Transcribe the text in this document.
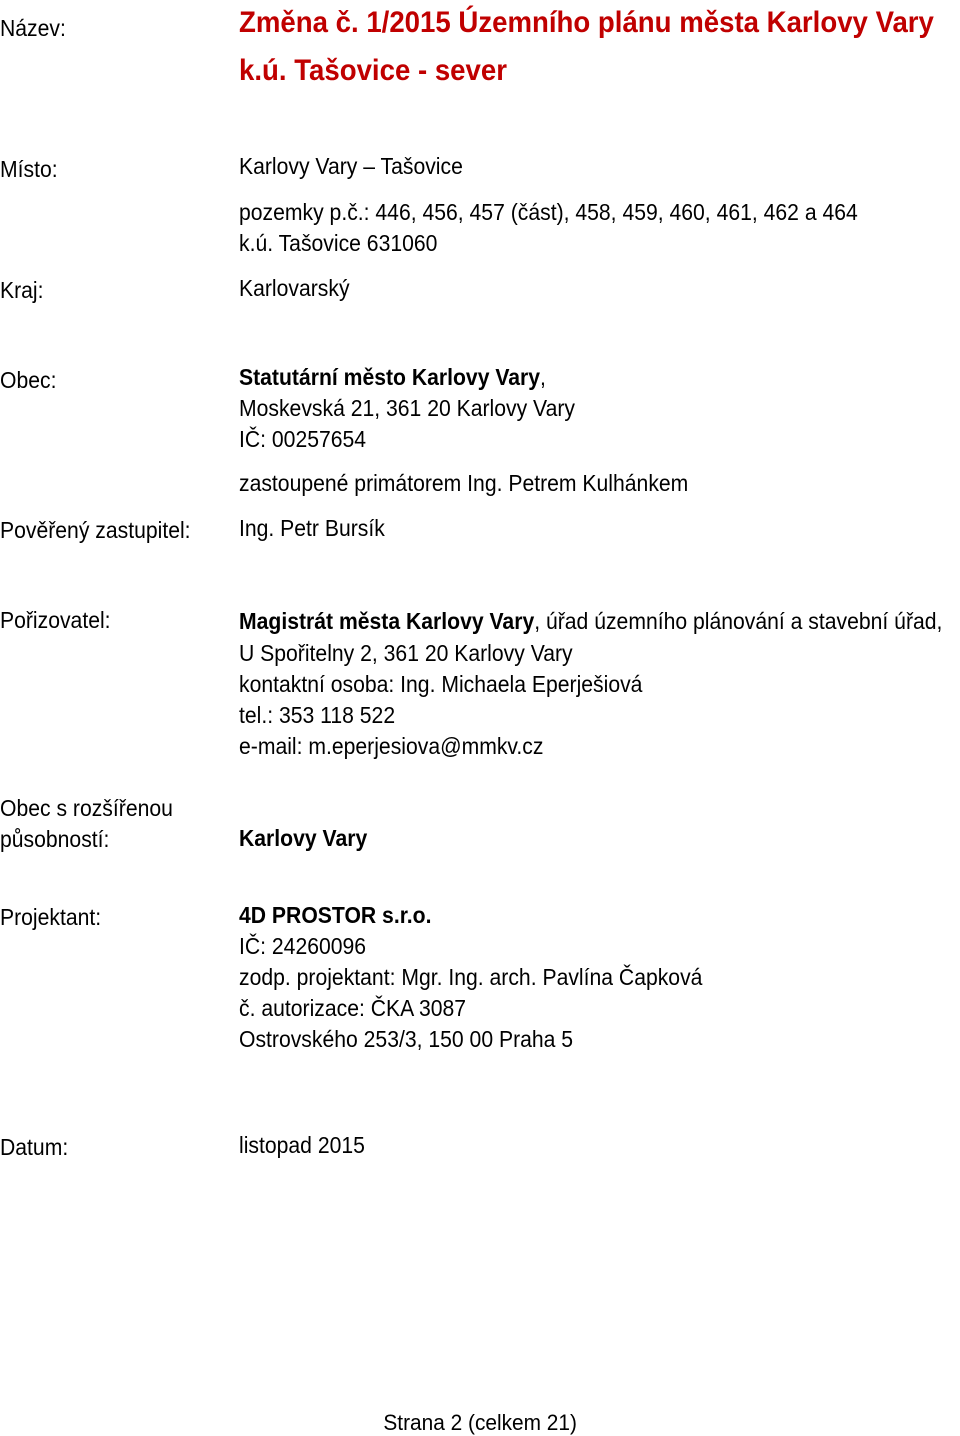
Název:	Změna č. 1/2015 Územního plánu města Karlovy Vary
k.ú. Tašovice - sever
Místo:	Karlovy Vary – Tašovice
pozemky p.č.: 446, 456, 457 (část), 458, 459, 460, 461, 462 a 464
k.ú. Tašovice 631060
Kraj:	Karlovarský
Obec:	Statutární město Karlovy Vary,
Moskevská 21, 361 20 Karlovy Vary
IČ: 00257654
zastoupené primátorem Ing. Petrem Kulhánkem
Pověřený zastupitel: Ing. Petr Bursík
Pořizovatel:	Magistrát města Karlovy Vary, úřad územního plánování a stavební úřad,
U Spořitelny 2, 361 20 Karlovy Vary
kontaktní osoba: Ing. Michaela Eperješiová
tel.: 353 118 522
e-mail: m.eperjesiova@mmkv.cz
Obec s rozšířenou
působností:	Karlovy Vary
Projektant:	4D PROSTOR s.r.o.
IČ: 24260096
zodp. projektant: Mgr. Ing. arch. Pavlína Čapková
č. autorizace: ČKA 3087
Ostrovského 253/3, 150 00 Praha 5
Datum:	listopad 2015
Strana 2 (celkem 21)
